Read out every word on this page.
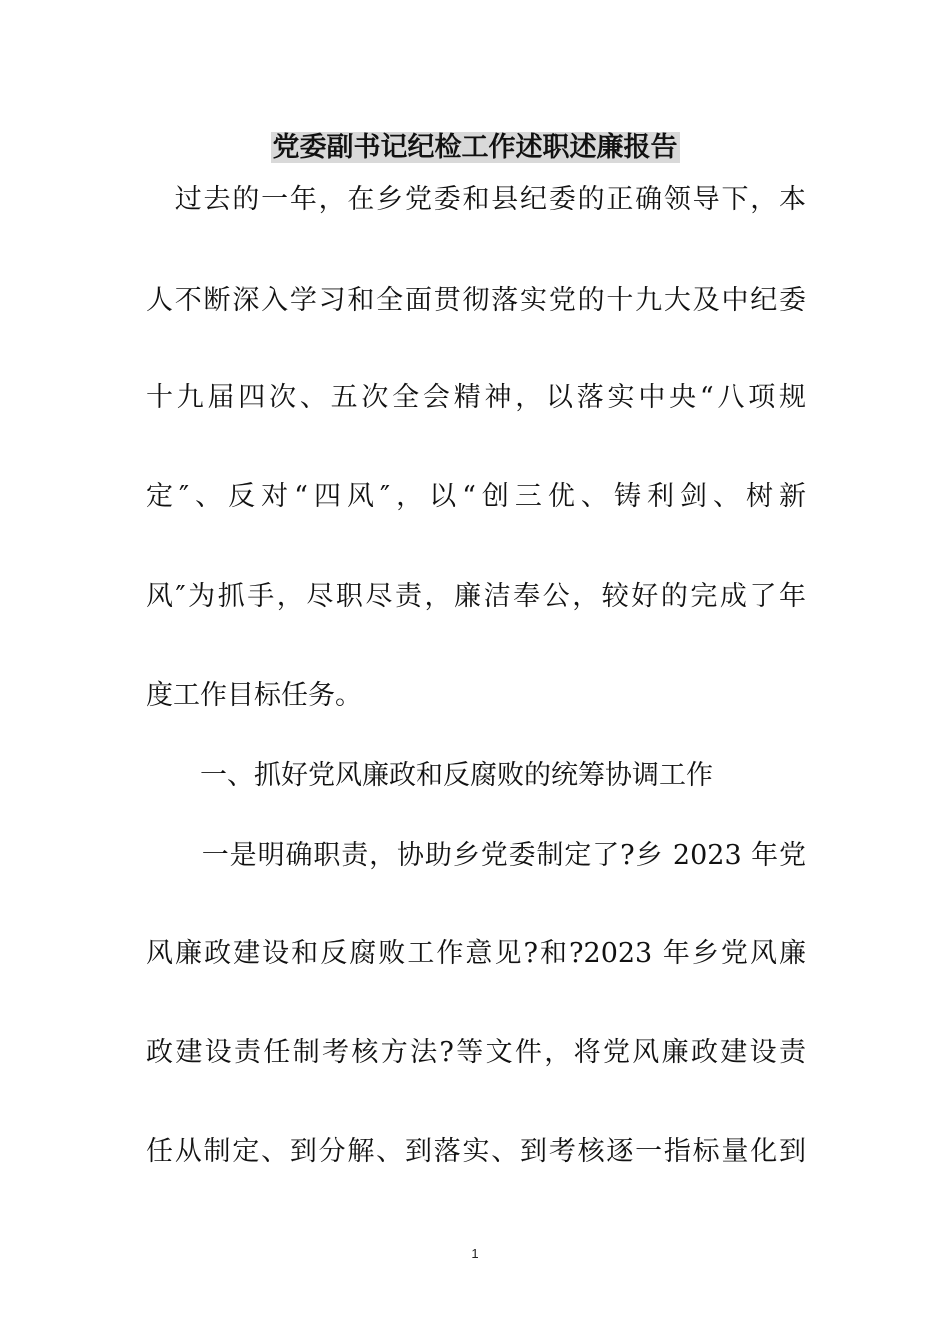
党委副书记纪检工作述职述廉报告
　过去的一年，在乡党委和县纪委的正确领导下，本
人不断深入学习和全面贯彻落实党的十九大及中纪委
十九届四次、五次全会精神，以落实中央“八项规
定″、反对“四风″，以“创三优、铸利剑、树新
风″为抓手，尽职尽责，廉洁奉公，较好的完成了年
度工作目标任务。
　　一、抓好党风廉政和反腐败的统筹协调工作
　　一是明确职责，协助乡党委制定了?乡 2023 年党
风廉政建设和反腐败工作意见?和?2023 年乡党风廉
政建设责任制考核方法?等文件，将党风廉政建设责
任从制定、到分解、到落实、到考核逐一指标量化到
1
